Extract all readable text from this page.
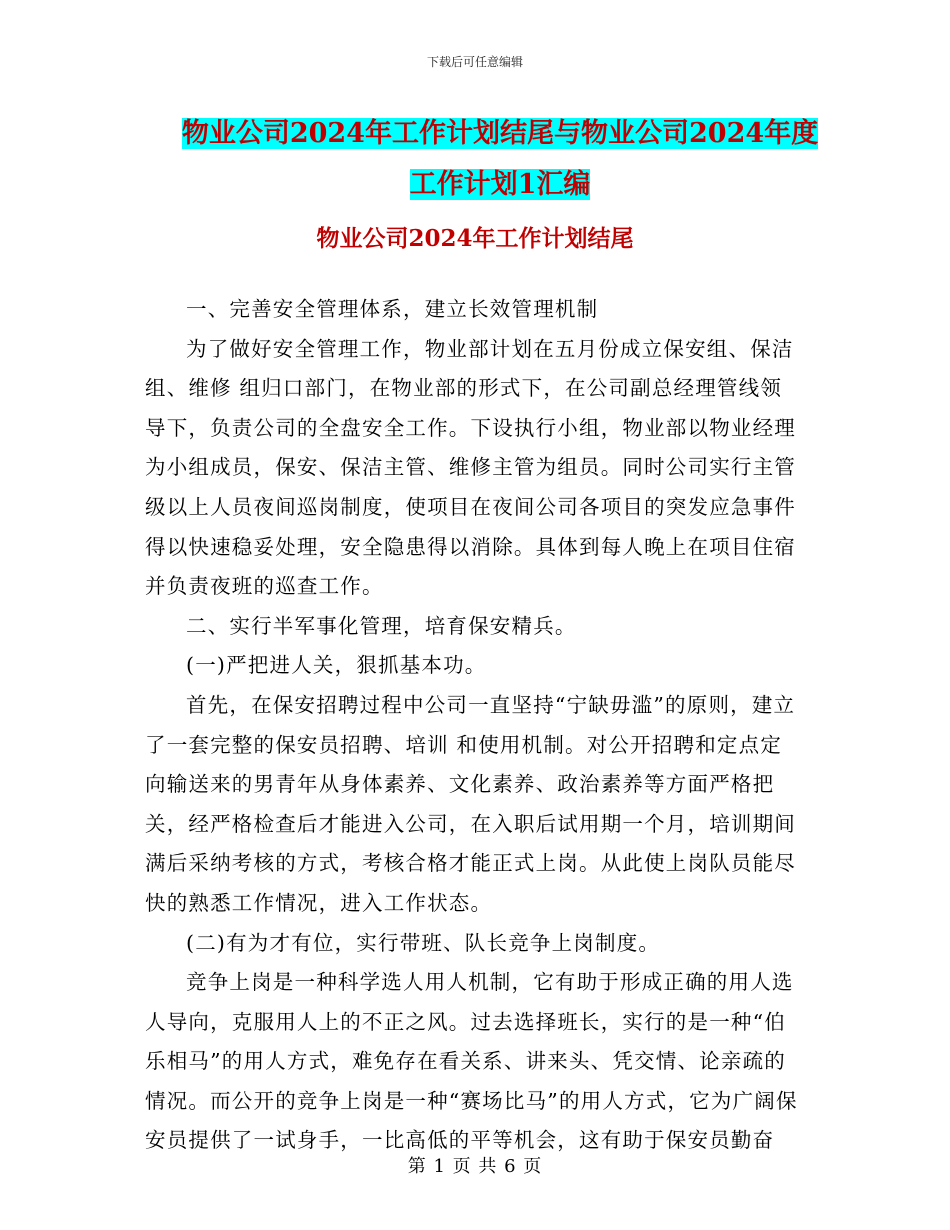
下载后可任意编辑
物业公司2024年工作计划结尾与物业公司2024年度
工作计划1汇编
物业公司2024年工作计划结尾

一、完善安全管理体系，建立长效管理机制

为了做好安全管理工作，物业部计划在五月份成立保安组、保洁组、维修 组归口部门，在物业部的形式下，在公司副总经理管线领导下，负责公司的全盘安全工作。下设执行小组，物业部以物业经理为小组成员，保安、保洁主管、维修主管为组员。同时公司实行主管级以上人员夜间巡岗制度，使项目在夜间公司各项目的突发应急事件得以快速稳妥处理，安全隐患得以消除。具体到每人晚上在项目住宿并负责夜班的巡查工作。

二、实行半军事化管理，培育保安精兵。

(一)严把进人关，狠抓基本功。

首先，在保安招聘过程中公司一直坚持“宁缺毋滥”的原则，建立了一套完整的保安员招聘、培训 和使用机制。对公开招聘和定点定向输送来的男青年从身体素养、文化素养、政治素养等方面严格把关，经严格检查后才能进入公司，在入职后试用期一个月，培训期间满后采纳考核的方式，考核合格才能正式上岗。从此使上岗队员能尽快的熟悉工作情况，进入工作状态。

(二)有为才有位，实行带班、队长竞争上岗制度。

竞争上岗是一种科学选人用人机制，它有助于形成正确的用人选人导向，克服用人上的不正之风。过去选择班长，实行的是一种“伯乐相马”的用人方式，难免存在看关系、讲来头、凭交情、论亲疏的情况。而公开的竞争上岗是一种“赛场比马”的用人方式，它为广阔保安员提供了一试身手，一比高低的平等机会，这有助于保安员勤奋

第 1 页 共 6 页
